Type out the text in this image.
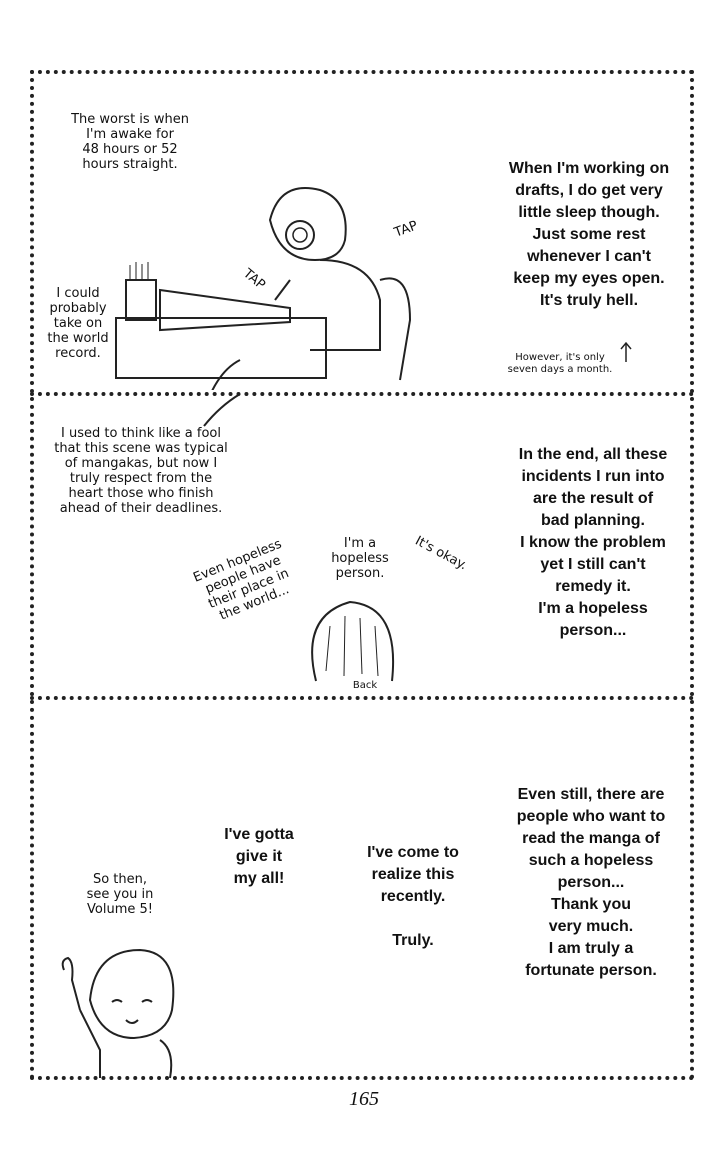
The worst is when
I'm awake for
48 hours or 52
hours straight.
I could
probably
take on
the world
record.
TAP
TAP
When I'm working on
drafts, I do get very
little sleep though.
Just some rest
whenever I can't
keep my eyes open.
It's truly hell.
However, it's only
seven days a month.
I used to think like a fool
that this scene was typical
of mangakas, but now I
truly respect from the
heart those who finish
ahead of their deadlines.
Even hopeless
people have
their place in
the world...
I'm a
hopeless
person.
It's okay.
In the end, all these
incidents I run into
are the result of
bad planning.
I know the problem
yet I still can't
remedy it.
I'm a hopeless
person...
Back
So then,
see you in
Volume 5!
I've gotta
give it
my all!
I've come to
realize this
recently.

Truly.
Even still, there are
people who want to
read the manga of
such a hopeless
person...
Thank you
very much.
I am truly a
fortunate person.
165
